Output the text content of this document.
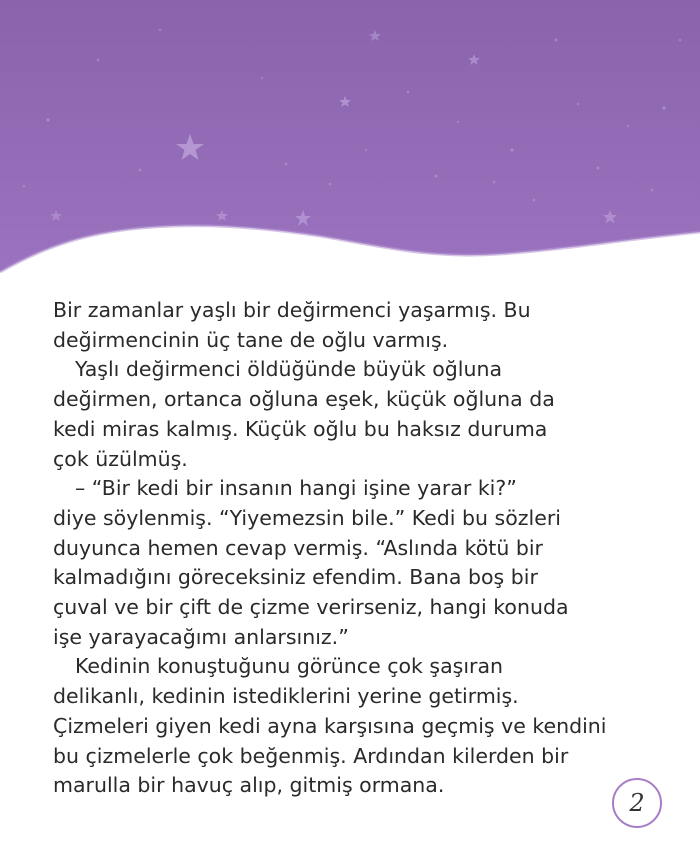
Bir zamanlar yaşlı bir değirmenci yaşarmış. Bu
değirmencinin üç tane de oğlu varmış.
Yaşlı değirmenci öldüğünde büyük oğluna
değirmen, ortanca oğluna eşek, küçük oğluna da
kedi miras kalmış. Küçük oğlu bu haksız duruma
çok üzülmüş.
– “Bir kedi bir insanın hangi işine yarar ki?”
diye söylenmiş. “Yiyemezsin bile.” Kedi bu sözleri
duyunca hemen cevap vermiş. “Aslında kötü bir
kalmadığını göreceksiniz efendim. Bana boş bir
çuval ve bir çift de çizme verirseniz, hangi konuda
işe yarayacağımı anlarsınız.”
Kedinin konuştuğunu görünce çok şaşıran
delikanlı, kedinin istediklerini yerine getirmiş.
Çizmeleri giyen kedi ayna karşısına geçmiş ve kendini
bu çizmelerle çok beğenmiş. Ardından kilerden bir
marulla bir havuç alıp, gitmiş ormana.

2
